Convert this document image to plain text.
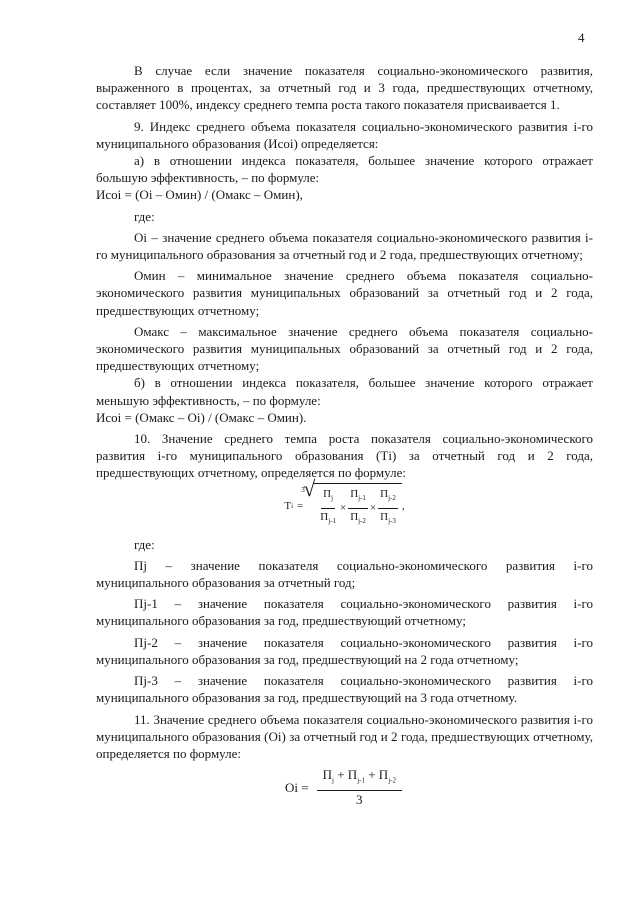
4

В случае если значение показателя социально-экономического развития, выраженного в процентах, за отчетный год и 3 года, предшествующих отчетному, составляет 100%, индексу среднего темпа роста такого показателя присваивается 1.

9. Индекс среднего объема показателя социально-экономического развития i-го муниципального образования (Исоi) определяется:

а) в отношении индекса показателя, большее значение которого отражает большую эффективность, – по формуле:

Исоi = (Оi – Омин) / (Омакс – Омин),

где:

Оi – значение среднего объема показателя социально-экономического развития i-го муниципального образования за отчетный год и 2 года, предшествующих отчетному;

Омин – минимальное значение среднего объема показателя социально-экономического развития муниципальных образований за отчетный год и 2 года, предшествующих отчетному;

Омакс – максимальное значение среднего объема показателя социально-экономического развития муниципальных образований за отчетный год и 2 года, предшествующих отчетному;

б) в отношении индекса показателя, большее значение которого отражает меньшую эффективность, – по формуле:

Исоi = (Омакс – Оi) / (Омакс – Омин).

10. Значение среднего темпа роста показателя социально-экономического развития i-го муниципального образования (Тi) за отчетный год и 2 года, предшествующих отчетному, определяется по формуле:

T i =
√ $3 \frac{П_j}{П_{j-1}} \times \frac{П_{j-1}}{П_{j-2}} \times \frac{П_{j-2}}{П_{j-3}}$ ,

где:

Пj – значение показателя социально-экономического развития i-го муниципального образования за отчетный год;

Пj-1 – значение показателя социально-экономического развития i-го муниципального образования за год, предшествующий отчетному;

Пj-2 – значение показателя социально-экономического развития i-го муниципального образования за год, предшествующий на 2 года отчетному;

Пj-3 – значение показателя социально-экономического развития i-го муниципального образования за год, предшествующий на 3 года отчетному.

11. Значение среднего объема показателя социально-экономического развития i-го муниципального образования (Оi) за отчетный год и 2 года, предшествующих отчетному, определяется по формуле:

Оi = $\frac{П_j + П_{j-1} + П_{j-2}}{3}$
